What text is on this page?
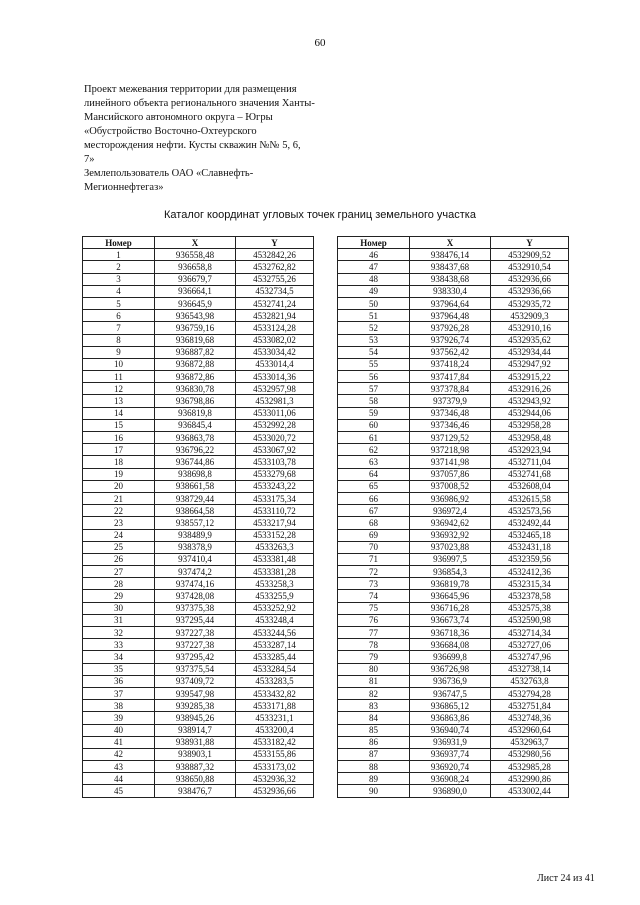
60
Проект межевания территории для размещения
линейного объекта регионального значения Ханты-
Мансийского автономного округа – Югры
«Обустройство Восточно-Охтеурского
месторождения нефти. Кусты скважин №№ 5, 6,
7»
Землепользователь ОАО «Славнефть-
Мегионнефтегаз»
Каталог координат угловых точек границ земельного участка
Номер	X	Y
1	936558,48	4532842,26
2	936658,8	4532762,82
3	936679,7	4532755,26
4	936664,1	4532734,5
5	936645,9	4532741,24
6	936543,98	4532821,94
7	936759,16	4533124,28
8	936819,68	4533082,02
9	936887,82	4533034,42
10	936872,88	4533014,4
11	936872,86	4533014,36
12	936830,78	4532957,98
13	936798,86	4532981,3
14	936819,8	4533011,06
15	936845,4	4532992,28
16	936863,78	4533020,72
17	936796,22	4533067,92
18	936744,86	4533103,78
19	938698,8	4533279,68
20	938661,58	4533243,22
21	938729,44	4533175,34
22	938664,58	4533110,72
23	938557,12	4533217,94
24	938489,9	4533152,28
25	938378,9	4533263,3
26	937410,4	4533381,48
27	937474,2	4533381,28
28	937474,16	4533258,3
29	937428,08	4533255,9
30	937375,38	4533252,92
31	937295,44	4533248,4
32	937227,38	4533244,56
33	937227,38	4533287,14
34	937295,42	4533285,44
35	937375,54	4533284,54
36	937409,72	4533283,5
37	939547,98	4533432,82
38	939285,38	4533171,88
39	938945,26	4533231,1
40	938914,7	4533200,4
41	938931,88	4533182,42
42	938903,1	4533155,86
43	938887,32	4533173,02
44	938650,88	4532936,32
45	938476,7	4532936,66
Номер	X	Y
46	938476,14	4532909,52
47	938437,68	4532910,54
48	938438,68	4532936,66
49	938330,4	4532936,66
50	937964,64	4532935,72
51	937964,48	4532909,3
52	937926,28	4532910,16
53	937926,74	4532935,62
54	937562,42	4532934,44
55	937418,24	4532947,92
56	937417,84	4532915,22
57	937378,84	4532916,26
58	937379,9	4532943,92
59	937346,48	4532944,06
60	937346,46	4532958,28
61	937129,52	4532958,48
62	937218,98	4532923,94
63	937141,98	4532711,04
64	937057,86	4532741,68
65	937008,52	4532608,04
66	936986,92	4532615,58
67	936972,4	4532573,56
68	936942,62	4532492,44
69	936932,92	4532465,18
70	937023,88	4532431,18
71	936997,5	4532359,56
72	936854,3	4532412,36
73	936819,78	4532315,34
74	936645,96	4532378,58
75	936716,28	4532575,38
76	936673,74	4532590,98
77	936718,36	4532714,34
78	936684,08	4532727,06
79	936699,8	4532747,96
80	936726,98	4532738,14
81	936736,9	4532763,8
82	936747,5	4532794,28
83	936865,12	4532751,84
84	936863,86	4532748,36
85	936940,74	4532960,64
86	936931,9	4532963,7
87	936937,74	4532980,56
88	936920,74	4532985,28
89	936908,24	4532990,86
90	936890,0	4533002,44
Лист 24 из 41
